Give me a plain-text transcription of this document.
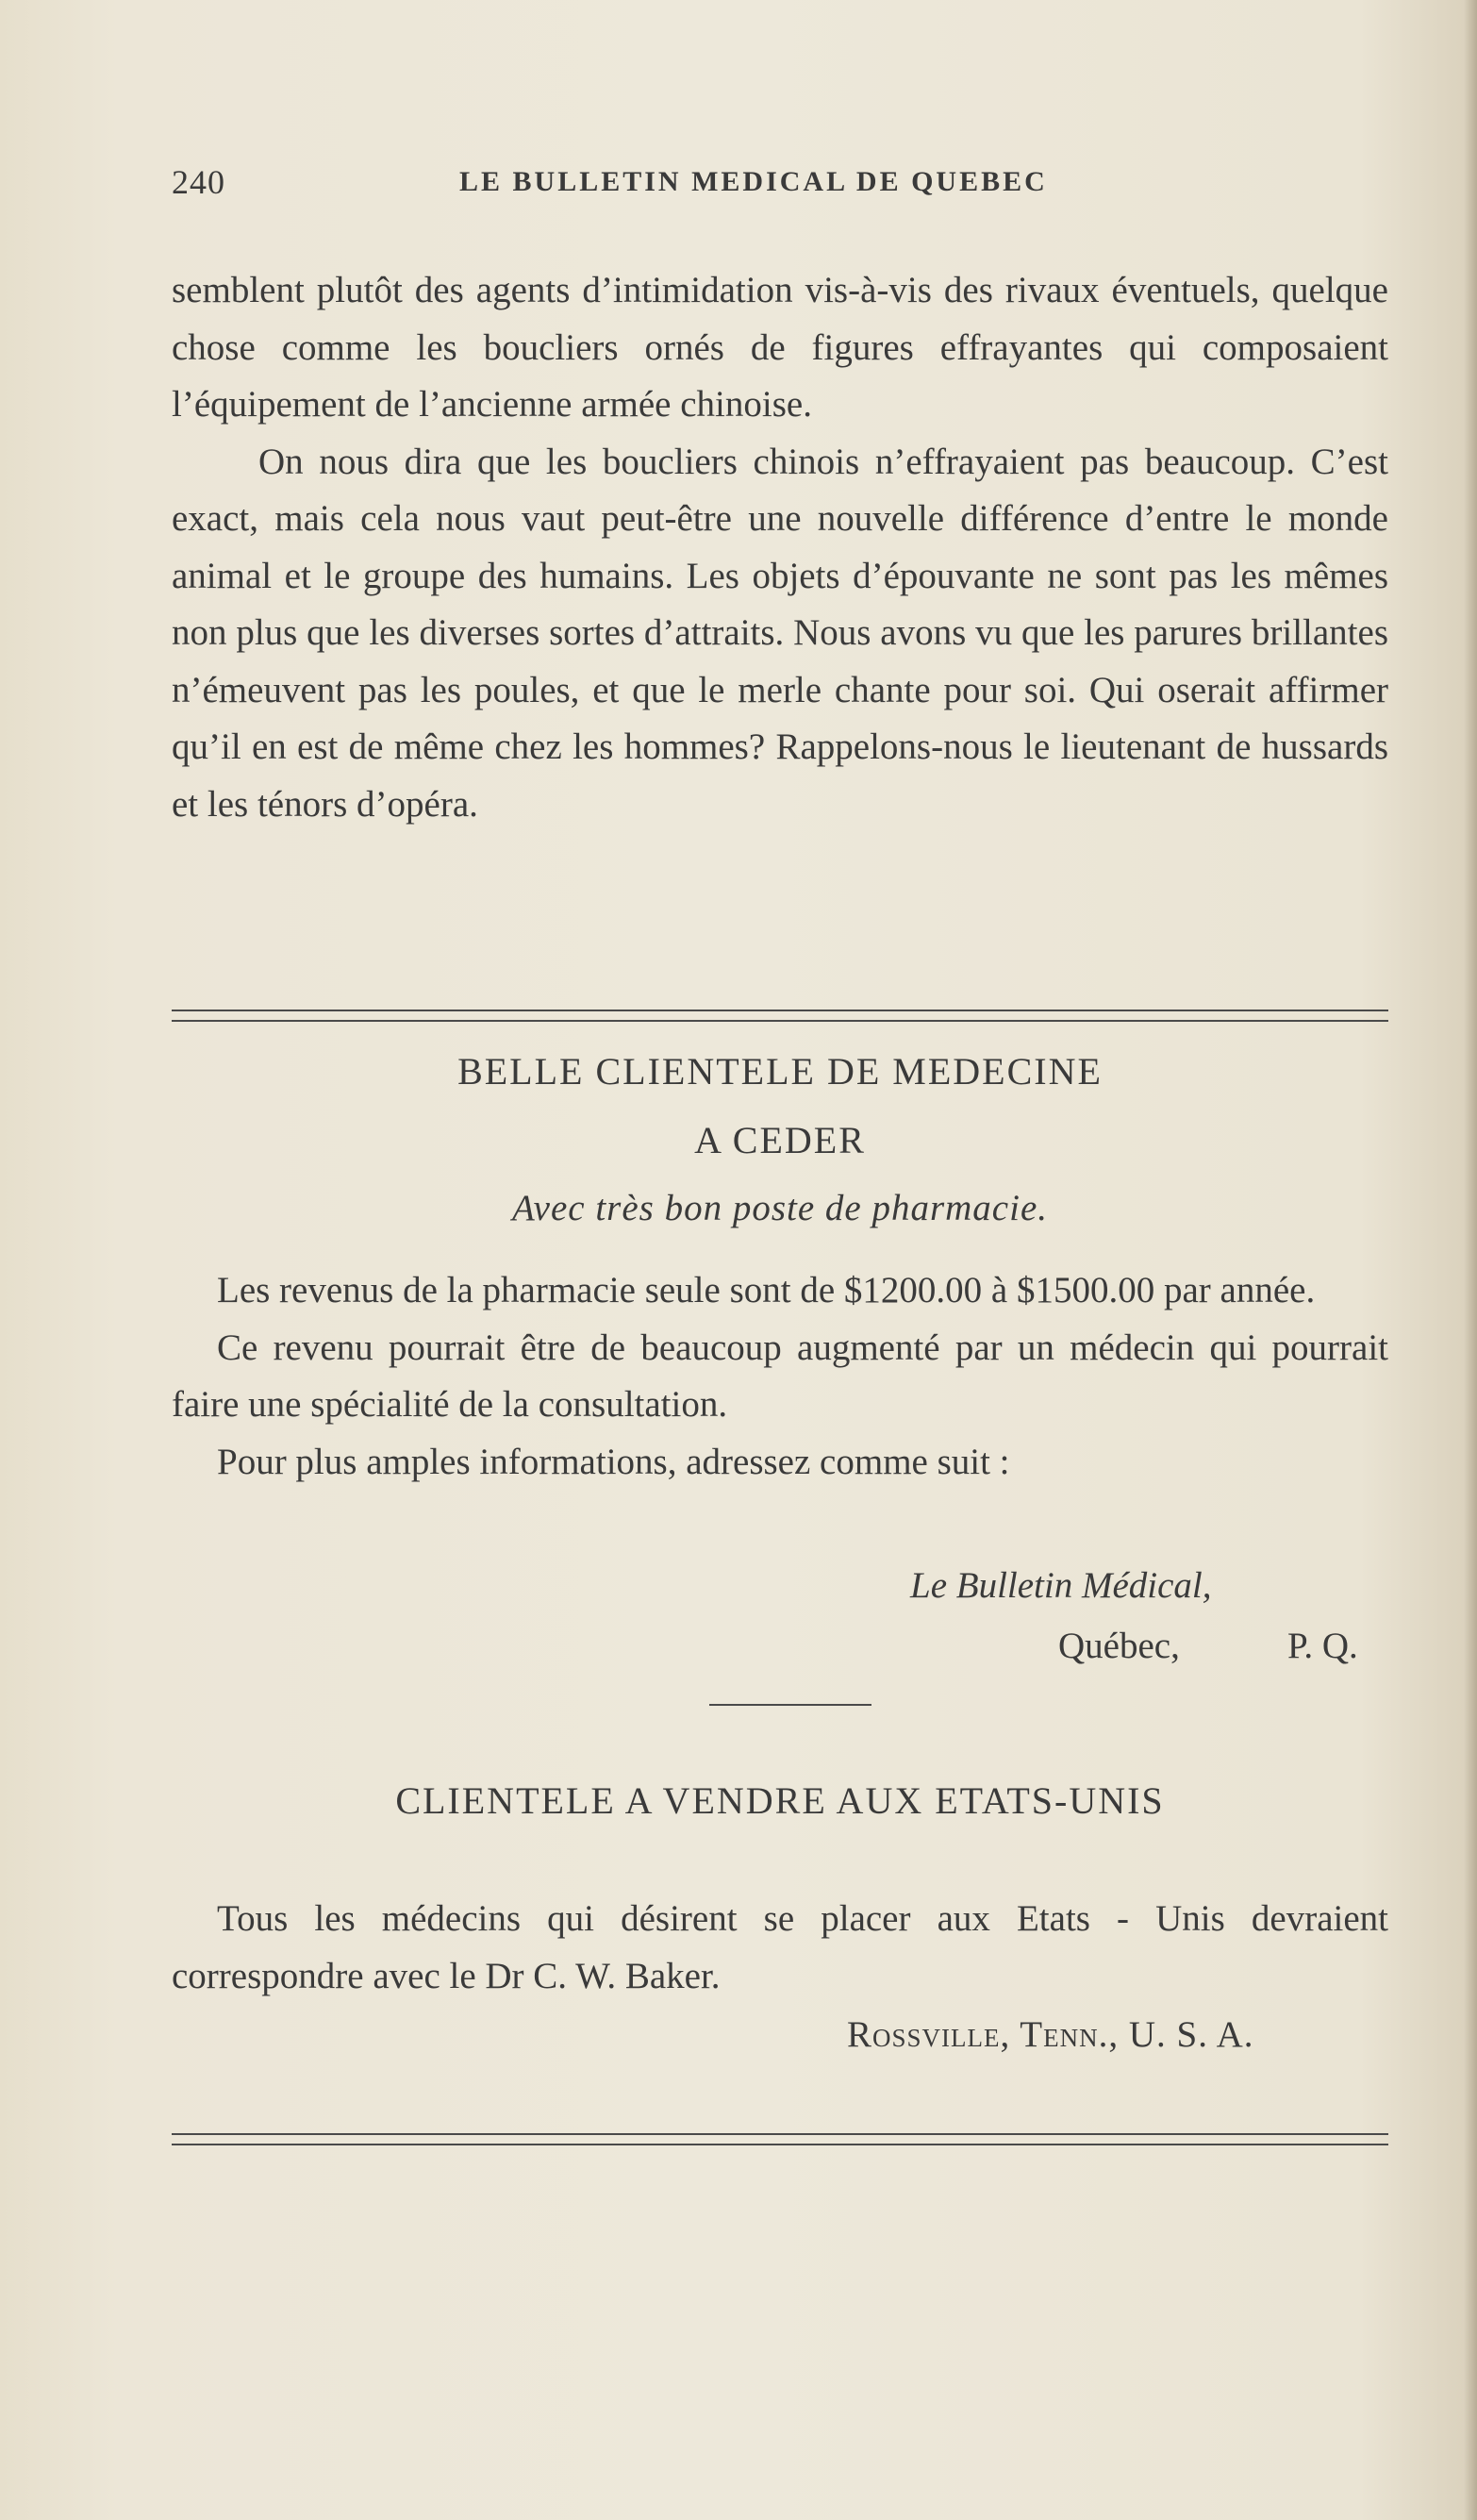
240	LE BULLETIN MEDICAL DE QUEBEC

semblent plutôt des agents d’intimidation vis-à-vis des rivaux éventuels, quelque chose comme les boucliers ornés de figures effrayantes qui composaient l’équipement de l’ancienne armée chinoise.

On nous dira que les boucliers chinois n’effrayaient pas beaucoup. C’est exact, mais cela nous vaut peut-être une nouvelle différence d’entre le monde animal et le groupe des humains. Les objets d’épouvante ne sont pas les mêmes non plus que les diverses sortes d’attraits. Nous avons vu que les parures brillantes n’émeuvent pas les poules, et que le merle chante pour soi. Qui oserait affirmer qu’il en est de même chez les hommes? Rappelons-nous le lieutenant de hussards et les ténors d’opéra.

BELLE CLIENTELE DE MEDECINE
A CEDER
Avec très bon poste de pharmacie.

Les revenus de la pharmacie seule sont de $1200.00 à $1500.00 par année.

Ce revenu pourrait être de beaucoup augmenté par un médecin qui pourrait faire une spécialité de la consultation.

Pour plus amples informations, adressez comme suit :

Le Bulletin Médical,
Québec,	P. Q.
CLIENTELE A VENDRE AUX ETATS-UNIS

Tous les médecins qui désirent se placer aux Etats - Unis devraient correspondre avec le Dr C. W. Baker.

Rossville, Tenn., U. S. A.
